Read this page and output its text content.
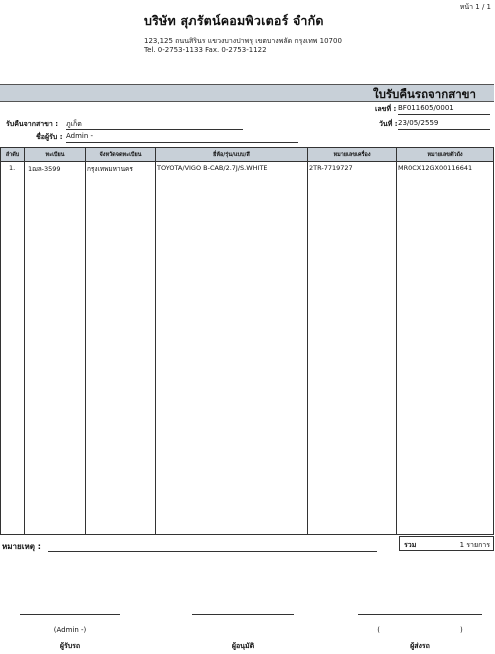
หน้า 1 / 1
บริษัท สุภรัตน์คอมพิวเตอร์ จำกัด
123,125 ถนนสิรินร แขวงบางปาพรุ เขตบางพลัด กรุงเทพ 10700
Tel. 0-2753-1133 Fax. 0-2753-1122
ใบรับคืนรถจากสาขา
เลขที่ : BF011605/0001
วันที่ : 23/05/2559
รับคืนจากสาขา : ภูเก็ต
ชื่อผู้รับ : Admin -
ลำดับ	ทะเบียน	จังหวัดจดทะเบียน	ยี่ห้อ/รุ่น/แบบ/สี	หมายเลขเครื่อง	หมายเลขตัวถัง
1. 1ฌล-3599	กรุงเทพมหานคร	TOYOTA/VIGO B-CAB/2.7J/S.WHITE	2TR-7719727	MR0CX12GX00116641
หมายเหตุ :	รวม	1 รายการ
(Admin -)
ผู้รับรถ	ผู้อนุมัติ
(                                    )
ผู้ส่งรถ
